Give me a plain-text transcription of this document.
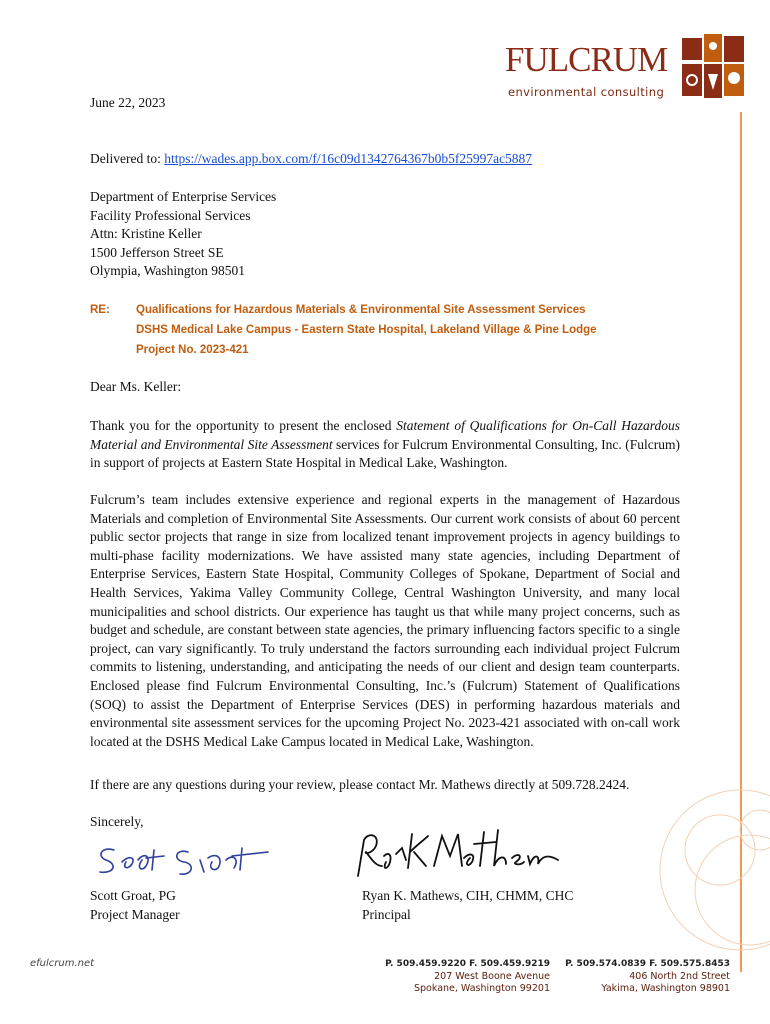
FULCRUM
environmental consulting
June 22, 2023
Delivered to: https://wades.app.box.com/f/16c09d1342764367b0b5f25997ac5887
Department of Enterprise Services
Facility Professional Services
Attn: Kristine Keller
1500 Jefferson Street SE
Olympia, Washington 98501
RE: Qualifications for Hazardous Materials & Environmental Site Assessment Services
DSHS Medical Lake Campus - Eastern State Hospital, Lakeland Village & Pine Lodge
Project No. 2023-421
Dear Ms. Keller:
Thank you for the opportunity to present the enclosed Statement of Qualifications for On-Call Hazardous Material and Environmental Site Assessment services for Fulcrum Environmental Consulting, Inc. (Fulcrum) in support of projects at Eastern State Hospital in Medical Lake, Washington.
Fulcrum’s team includes extensive experience and regional experts in the management of Hazardous Materials and completion of Environmental Site Assessments. Our current work consists of about 60 percent public sector projects that range in size from localized tenant improvement projects in agency buildings to multi-phase facility modernizations. We have assisted many state agencies, including Department of Enterprise Services, Eastern State Hospital, Community Colleges of Spokane, Department of Social and Health Services, Yakima Valley Community College, Central Washington University, and many local municipalities and school districts. Our experience has taught us that while many project concerns, such as budget and schedule, are constant between state agencies, the primary influencing factors specific to a single project, can vary significantly. To truly understand the factors surrounding each individual project Fulcrum commits to listening, understanding, and anticipating the needs of our client and design team counterparts. Enclosed please find Fulcrum Environmental Consulting, Inc.’s (Fulcrum) Statement of Qualifications (SOQ) to assist the Department of Enterprise Services (DES) in performing hazardous materials and environmental site assessment services for the upcoming Project No. 2023-421 associated with on-call work located at the DSHS Medical Lake Campus located in Medical Lake, Washington.
If there are any questions during your review, please contact Mr. Mathews directly at 509.728.2424.
Sincerely,
Scott Groat, PG
Project Manager
Ryan K. Mathews, CIH, CHMM, CHC
Principal
efulcrum.net	P. 509.459.9220 F. 509.459.9219
207 West Boone Avenue
Spokane, Washington 99201
P. 509.574.0839 F. 509.575.8453
406 North 2nd Street
Yakima, Washington 98901
